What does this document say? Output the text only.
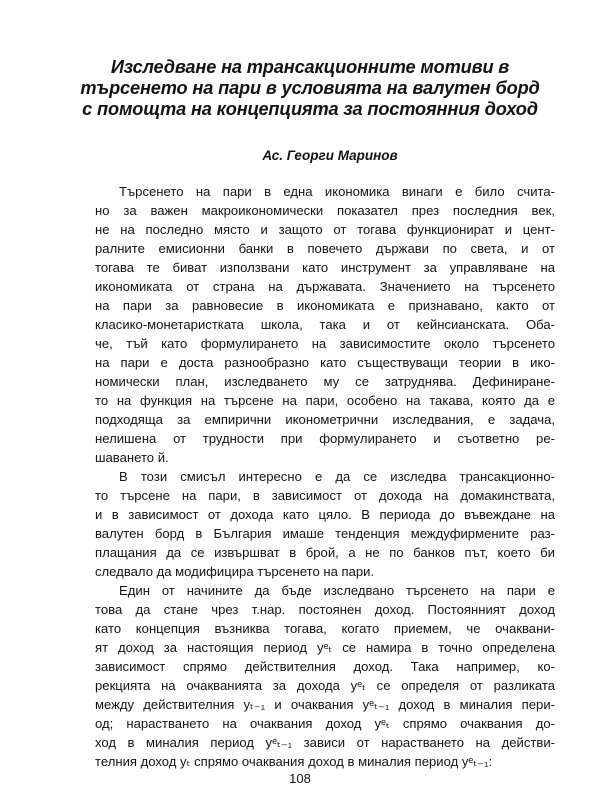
Изследване на трансакционните мотиви в
търсенето на пари в условията на валутен борд
с помощта на концепцията за постоянния доход
Ас. Георги Маринов
Търсенето на пари в една икономика винаги е било счита-
но за важен макроикономически показател през последния век,
не на последно място и защото от тогава функционират и цент-
ралните емисионни банки в повечето държави по света, и от
тогава те биват използвани като инструмент за управляване на
икономиката от страна на държавата. Значението на търсенето
на пари за равновесие в икономиката е признавано, както от
класико-монетаристката школа, така и от кейнсианската. Оба-
че, тъй като формулирането на зависимостите около търсенето
на пари е доста разнообразно като съществуващи теории в ико-
номически план, изследването му се затруднява. Дефиниране-
то на функция на търсене на пари, особено на такава, която да е
подходяща за емпирични иконометрични изследвания, е задача,
нелишена от трудности при формулирането и съответно ре-
шаването й.
В този смисъл интересно е да се изследва трансакционно-
то търсене на пари, в зависимост от дохода на домакинствата,
и в зависимост от дохода като цяло. В периода до въвеждане на
валутен борд в България имаше тенденция междуфирмените раз-
плащания да се извършват в брой, а не по банков път, което би
следвало да модифицира търсенето на пари.
Един от начините да бъде изследвано търсенето на пари е
това да стане чрез т.нар. постоянен доход. Постоянният доход
като концепция възниква тогава, когато приемем, че очаквани-
ят доход за настоящия период yᵉₜ се намира в точно определена
зависимост спрямо действителния доход. Така например, ко-
рекцията на очакванията за дохода yᵉₜ се определя от разликата
между действителния yₜ₋₁ и очаквания yᵉₜ₋₁ доход в миналия пери-
од; нарастването на очаквания доход yᵉₜ спрямо очаквания до-
ход в миналия период yᵉₜ₋₁ зависи от нарастването на действи-
телния доход yₜ спрямо очаквания доход в миналия период yᵉₜ₋₁:
108
